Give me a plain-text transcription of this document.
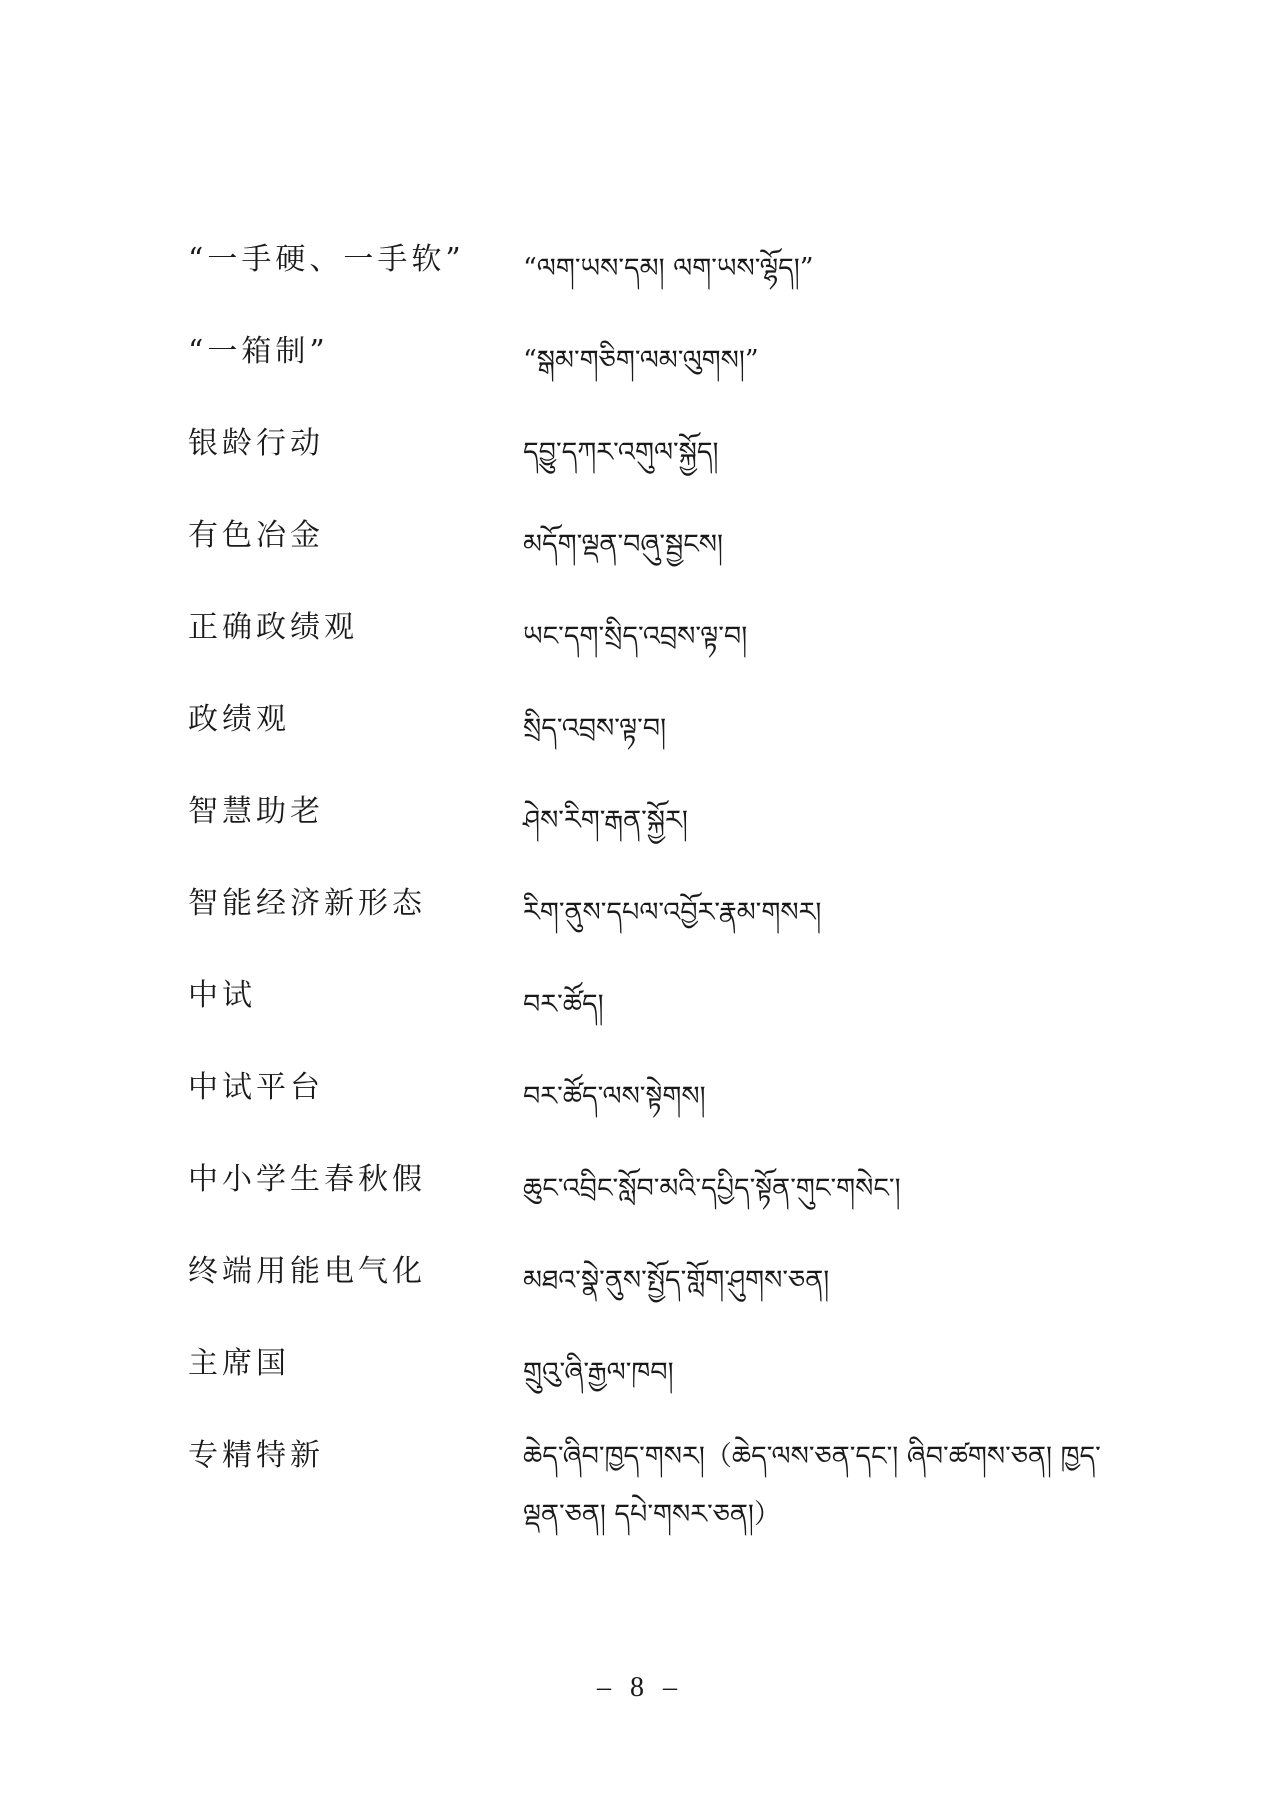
“一手硬、一手软”	“ལག་ཡས་དམ། ལག་ཡས་ལྷོད།”
“一箱制”	“སྒམ་གཅིག་ལམ་ལུགས།”
银龄行动	དབྱུ་དཀར་འགུལ་སྐྱོད།
有色冶金	མདོག་ལྡན་བཞུ་སྦྱངས།
正确政绩观	ཡང་དག་སྲིད་འབྲས་ལྟ་བ།
政绩观	སྲིད་འབྲས་ལྟ་བ།
智慧助老	ཤེས་རིག་རྒན་སྐྱོར།
智能经济新形态	རིག་ནུས་དཔལ་འབྱོར་རྣམ་གསར།
中试	བར་ཚོད།
中试平台	བར་ཚོད་ལས་སྟེགས།
中小学生春秋假	ཆུང་འབྲིང་སློབ་མའི་དཔྱིད་སྟོན་གུང་གསེང་།
终端用能电气化	མཐའ་སྣེ་ནུས་སྤྱོད་གློག་ཤུགས་ཅན།
主席国	གྲུའུ་ཞི་རྒྱལ་ཁབ།
专精特新	ཆེད་ཞིབ་ཁྱད་གསར།（ཆེད་ལས་ཅན་དང་། ཞིབ་ཚགས་ཅན། ཁྱད་ལྡན་ཅན། དཔེ་གསར་ཅན།）
– 8 –
